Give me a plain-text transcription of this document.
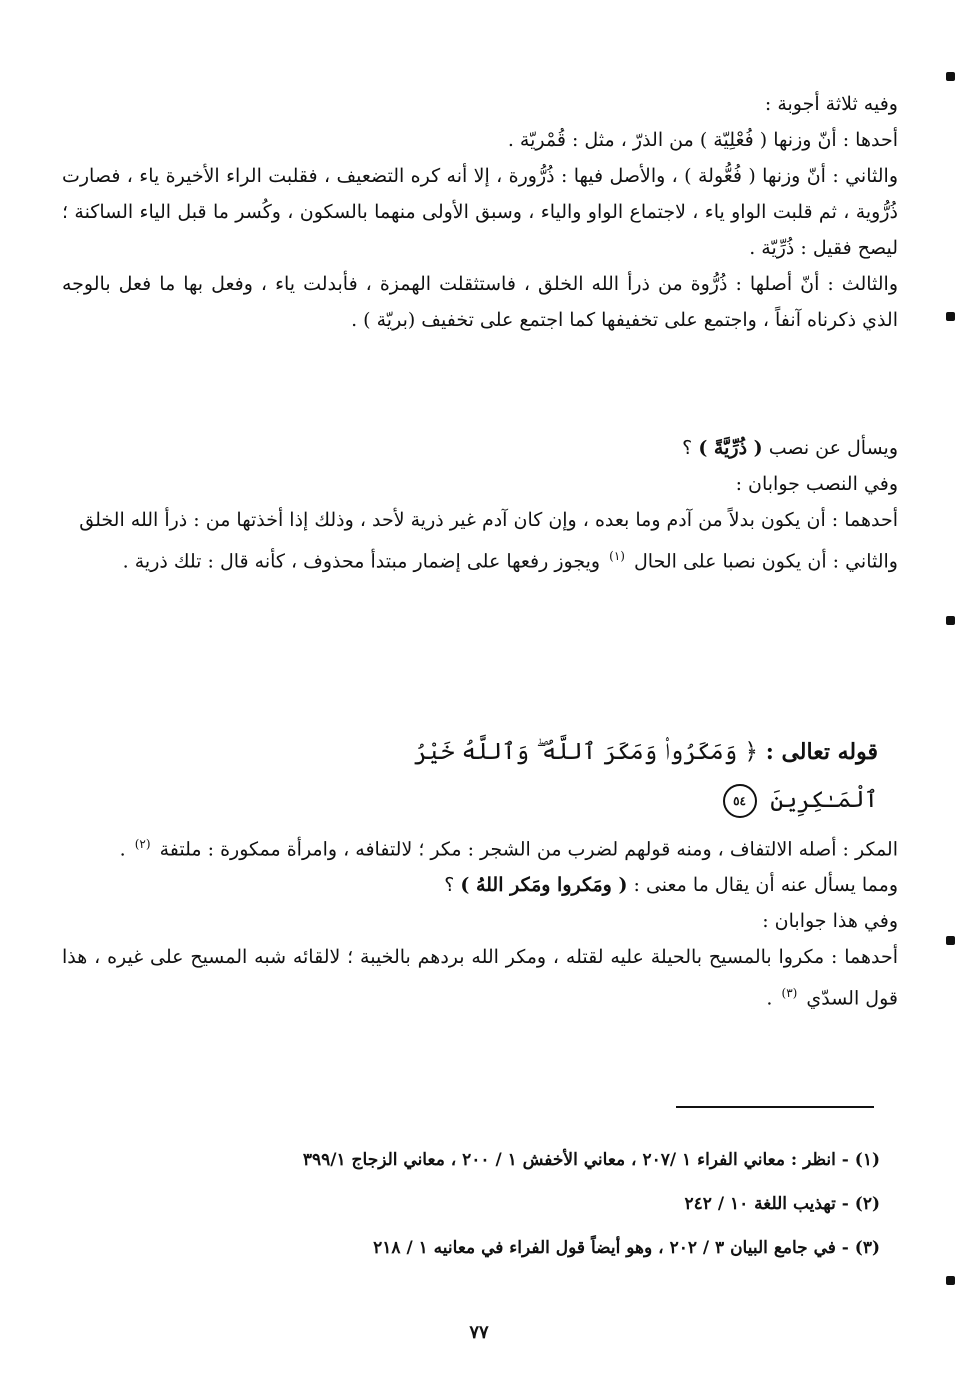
وفيه ثلاثة أجوبة :

أحدها : أنّ وزنها ( فُعْلِيّة ) من الذرّ ، مثل : قُمْريّة .

والثاني : أنّ وزنها ( فُعُّولة ) ، والأصل فيها : ذُرُّورة ، إلا أنه كره التضعيف ، فقلبت الراء الأخيرة ياء ، فصارت ذُرُّوية ، ثم قلبت الواو ياء ، لاجتماع الواو والياء ، وسبق الأولى منهما بالسكون ، وكُسر ما قبل الياء الساكنة ؛ ليصح فقيل : ذُرِّيّة .

والثالث : أنّ أصلها : ذُرُّوة من ذرأ الله الخلق ، فاستثقلت الهمزة ، فأبدلت ياء ، وفعل بها ما فعل بالوجه الذي ذكرناه آنفاً ، واجتمع على تخفيفها كما اجتمع على تخفيف (بريّة ) .

ويسأل عن نصب ( ذُرِّيَّةً ) ؟

وفي النصب جوابان :

أحدهما : أن يكون بدلاً من آدم وما بعده ، وإن كان آدم غير ذرية لأحد ، وذلك إذا أخذتها من : ذرأ الله الخلق

والثاني : أن يكون نصبا على الحال $^{(١)}$ ويجوز رفعها على إضمار مبتدأ محذوف ، كأنه قال : تلك ذرية .

قوله تعالى : ﴿ وَمَكَرُوا۟ وَمَكَرَ ٱللَّهُ ۖ وَٱللَّهُ خَيْرُ ٱلْمَـٰكِرِينَ ٥٤

المكر : أصله الالتفاف ، ومنه قولهم لضرب من الشجر : مكر ؛ لالتفافه ، وامرأة ممكورة : ملتفة $^{(٢)}$ .

ومما يسأل عنه أن يقال ما معنى : ( ومَكروا ومَكر اللهُ ) ؟

وفي هذا جوابان :

أحدهما : مكروا بالمسيح بالحيلة عليه لقتله ، ومكر الله بردهم بالخيبة ؛ لالقائه شبه المسيح على غيره ، هذا قول السدّي $^{(٣)}$ .

(١) - انظر : معاني الفراء ١ /٢٠٧ ، معاني الأخفش ١ / ٢٠٠ ، معاني الزجاج ٣٩٩/١

(٢) - تهذيب اللغة ١٠ / ٢٤٢

(٣) - في جامع البيان ٣ / ٢٠٢ ، وهو أيضاً قول الفراء في معانيه ١ / ٢١٨

٧٧
